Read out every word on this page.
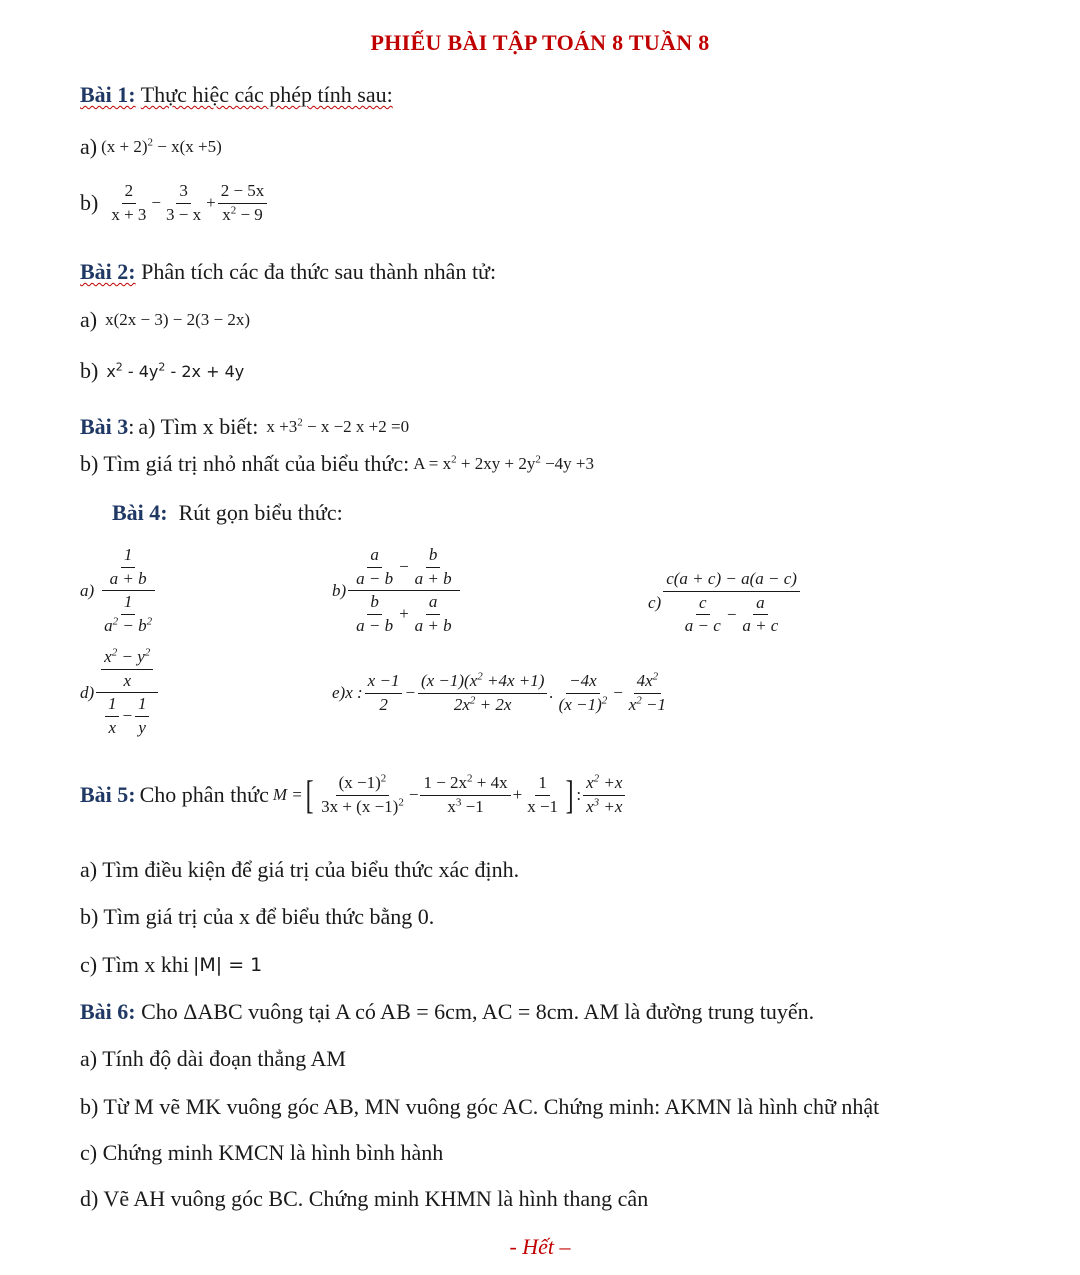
PHIẾU BÀI TẬP TOÁN 8 TUẦN 8
Bài 1: Thực hiệc các phép tính sau:
a)
$(x + 2)^2 - x(x +5)$
b)
$\frac{2}{x + 3} - \frac{3}{3 - x} + \frac{2 - 5x}{x^2 - 9}$
Bài 2: Phân tích các đa thức sau thành nhân tử:
a)
x(2x − 3) − 2(3 − 2x)
b)
$x^2 - 4y^2 - 2x + 4y$
Bài 3 :
a) Tìm x biết:
$x +3^2 - x -2$ x +2 =0
b) Tìm giá trị nhỏ nhất của biểu thức:
$A = x^2 + 2xy + 2y^2 -4y +3$
Bài 4: Rút gọn biểu thức:
$a) \frac{\frac{1}{a + b}}{\frac{1}{a^2 - b^2}}$	$b) \frac{\frac{a}{a - b} - \frac{b}{a + b}}{\frac{b}{a - b} + \frac{a}{a + b}}$	$c) \frac{c(a + c) - a(a - c)}{\frac{c}{a - c} - \frac{a}{a + c}}$
$d) \frac{\frac{x^2 - y^2}{x}}{\frac{1}{x} - \frac{1}{y}}$	e)x : $\frac{x -1}{2} - \frac{(x -1)(x^2 +4x +1)}{2x^2 + 2x}$ . $\frac{-4x}{(x -1)^2} - \frac{4x^2}{x^2 -1}$
Bài 5:
Cho phân thức
M = [ $\frac{(x -1)^2}{3x + (x -1)^2} - \frac{1 - 2x^2 + 4x}{x^3 -1} + \frac{1}{x -1}$ ] : $\frac{x^2 +x}{x^3 +x}$
a) Tìm điều kiện để giá trị của biểu thức xác định.
b) Tìm giá trị của x để biểu thức bằng 0.
c) Tìm x khi
|M| = 1
Bài 6: Cho ΔABC vuông tại A có AB = 6cm, AC = 8cm. AM là đường trung tuyến.
a) Tính độ dài đoạn thẳng AM
b) Từ M vẽ MK vuông góc AB, MN vuông góc AC. Chứng minh: AKMN là hình chữ nhật
c) Chứng minh KMCN là hình bình hành
d) Vẽ AH vuông góc BC. Chứng minh KHMN là hình thang cân
- Hết –
